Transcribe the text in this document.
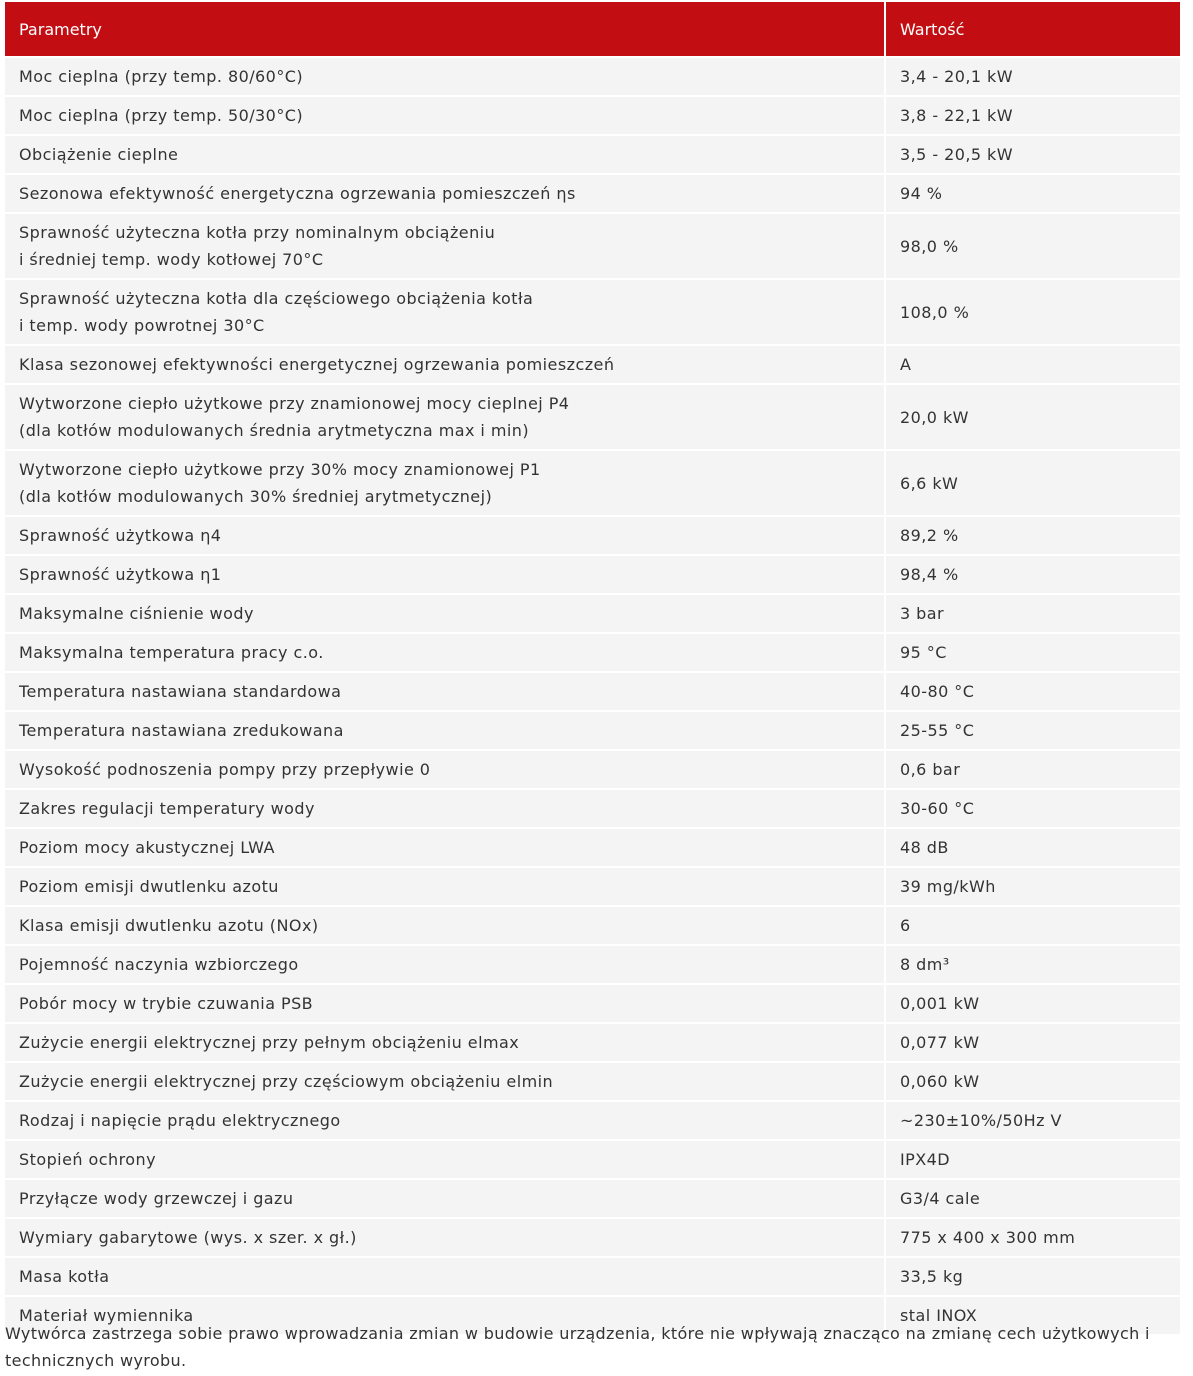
Parametry	Wartość
Moc cieplna (przy temp. 80/60°C)	3,4 - 20,1 kW
Moc cieplna (przy temp. 50/30°C)	3,8 - 22,1 kW
Obciążenie cieplne	3,5 - 20,5 kW
Sezonowa efektywność energetyczna ogrzewania pomieszczeń ηs	94 %
Sprawność użyteczna kotła przy nominalnym obciążeniu
i średniej temp. wody kotłowej 70°C	98,0 %
Sprawność użyteczna kotła dla częściowego obciążenia kotła
i temp. wody powrotnej 30°C	108,0 %
Klasa sezonowej efektywności energetycznej ogrzewania pomieszczeń	A
Wytworzone ciepło użytkowe przy znamionowej mocy cieplnej P4
(dla kotłów modulowanych średnia arytmetyczna max i min)	20,0 kW
Wytworzone ciepło użytkowe przy 30% mocy znamionowej P1
(dla kotłów modulowanych 30% średniej arytmetycznej)	6,6 kW
Sprawność użytkowa η4	89,2 %
Sprawność użytkowa η1	98,4 %
Maksymalne ciśnienie wody	3 bar
Maksymalna temperatura pracy c.o.	95 °C
Temperatura nastawiana standardowa	40-80 °C
Temperatura nastawiana zredukowana	25-55 °C
Wysokość podnoszenia pompy przy przepływie 0	0,6 bar
Zakres regulacji temperatury wody	30-60 °C
Poziom mocy akustycznej LWA	48 dB
Poziom emisji dwutlenku azotu	39 mg/kWh
Klasa emisji dwutlenku azotu (NOx)	6
Pojemność naczynia wzbiorczego	8 dm³
Pobór mocy w trybie czuwania PSB	0,001 kW
Zużycie energii elektrycznej przy pełnym obciążeniu elmax	0,077 kW
Zużycie energii elektrycznej przy częściowym obciążeniu elmin	0,060 kW
Rodzaj i napięcie prądu elektrycznego	~230±10%/50Hz V
Stopień ochrony	IPX4D
Przyłącze wody grzewczej i gazu	G3/4 cale
Wymiary gabarytowe (wys. x szer. x gł.)	775 x 400 x 300 mm
Masa kotła	33,5 kg
Materiał wymiennika	stal INOX
Wytwórca zastrzega sobie prawo wprowadzania zmian w budowie urządzenia, które nie wpływają znacząco na zmianę cech użytkowych i technicznych wyrobu.
